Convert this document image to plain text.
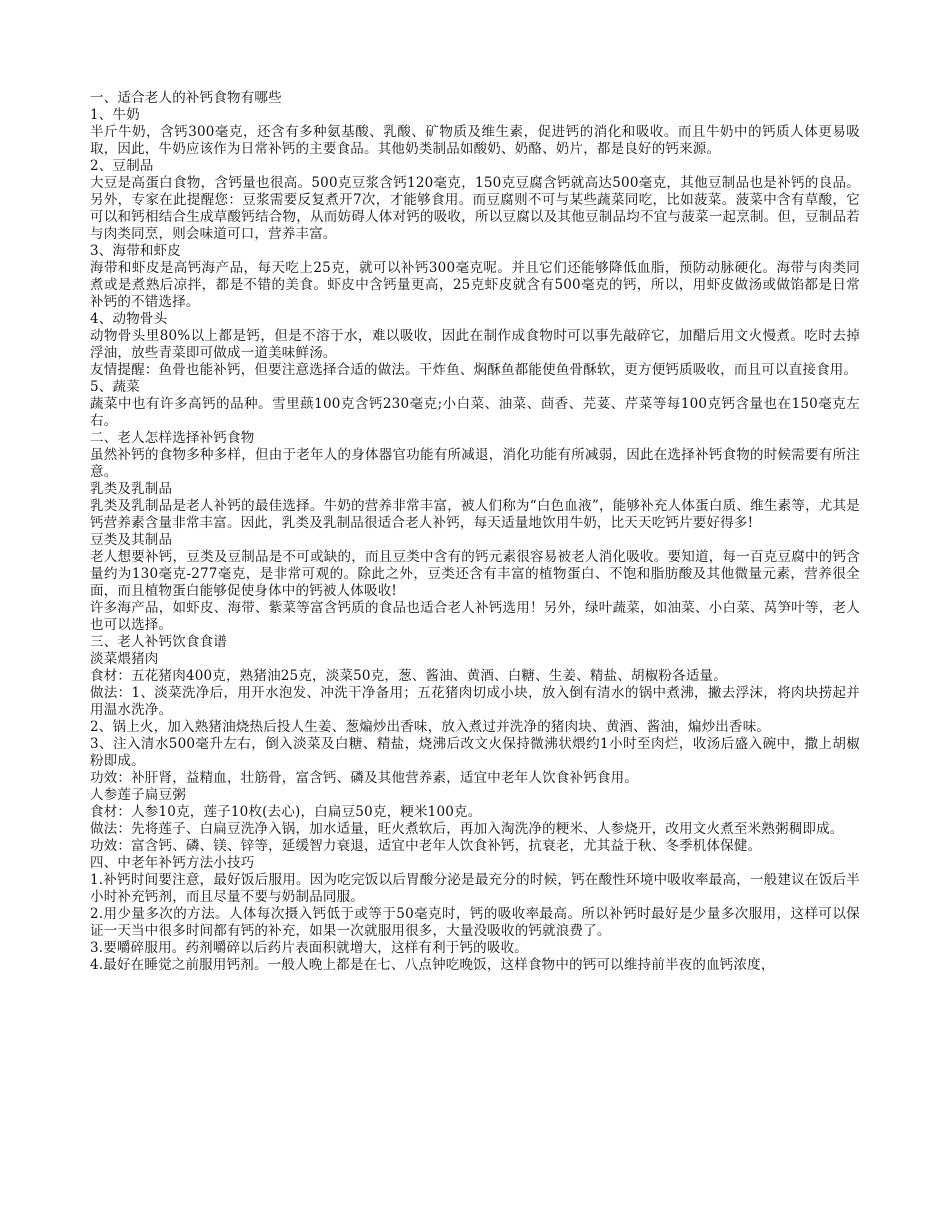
一、适合老人的补钙食物有哪些

1、牛奶

半斤牛奶，含钙300毫克，还含有多种氨基酸、乳酸、矿物质及维生素，促进钙的消化和吸收。而且牛奶中的钙质人体更易吸取，因此，牛奶应该作为日常补钙的主要食品。其他奶类制品如酸奶、奶酪、奶片，都是良好的钙来源。

2、豆制品

大豆是高蛋白食物，含钙量也很高。500克豆浆含钙120毫克，150克豆腐含钙就高达500毫克，其他豆制品也是补钙的良品。另外，专家在此提醒您：豆浆需要反复煮开7次，才能够食用。而豆腐则不可与某些蔬菜同吃，比如菠菜。菠菜中含有草酸，它可以和钙相结合生成草酸钙结合物，从而妨碍人体对钙的吸收，所以豆腐以及其他豆制品均不宜与菠菜一起烹制。但，豆制品若与肉类同烹，则会味道可口，营养丰富。

3、海带和虾皮

海带和虾皮是高钙海产品，每天吃上25克，就可以补钙300毫克呢。并且它们还能够降低血脂，预防动脉硬化。海带与肉类同煮或是煮熟后凉拌，都是不错的美食。虾皮中含钙量更高，25克虾皮就含有500毫克的钙，所以，用虾皮做汤或做馅都是日常补钙的不错选择。

4、动物骨头

动物骨头里80%以上都是钙，但是不溶于水，难以吸收，因此在制作成食物时可以事先敲碎它，加醋后用文火慢煮。吃时去掉浮油，放些青菜即可做成一道美味鲜汤。

友情提醒：鱼骨也能补钙，但要注意选择合适的做法。干炸鱼、焖酥鱼都能使鱼骨酥软，更方便钙质吸收，而且可以直接食用。

5、蔬菜

蔬菜中也有许多高钙的品种。雪里蕻100克含钙230毫克;小白菜、油菜、茴香、芫荽、芹菜等每100克钙含量也在150毫克左右。

二、老人怎样选择补钙食物

虽然补钙的食物多种多样，但由于老年人的身体器官功能有所减退，消化功能有所减弱，因此在选择补钙食物的时候需要有所注意。

乳类及乳制品

乳类及乳制品是老人补钙的最佳选择。牛奶的营养非常丰富，被人们称为“白色血液”，能够补充人体蛋白质、维生素等，尤其是钙营养素含量非常丰富。因此，乳类及乳制品很适合老人补钙，每天适量地饮用牛奶，比天天吃钙片要好得多!

豆类及其制品

老人想要补钙，豆类及豆制品是不可或缺的，而且豆类中含有的钙元素很容易被老人消化吸收。要知道，每一百克豆腐中的钙含量约为130毫克-277毫克，是非常可观的。除此之外，豆类还含有丰富的植物蛋白、不饱和脂肪酸及其他微量元素，营养很全面，而且植物蛋白能够促使身体中的钙被人体吸收!

许多海产品，如虾皮、海带、紫菜等富含钙质的食品也适合老人补钙选用！另外，绿叶蔬菜，如油菜、小白菜、莴笋叶等，老人也可以选择。

三、老人补钙饮食食谱

淡菜煨猪肉

食材：五花猪肉400克，熟猪油25克，淡菜50克，葱、酱油、黄酒、白糖、生姜、精盐、胡椒粉各适量。

做法：1、淡菜洗净后，用开水泡发、冲洗干净备用；五花猪肉切成小块，放入倒有清水的锅中煮沸，撇去浮沫，将肉块捞起并用温水洗净。

2、锅上火，加入熟猪油烧热后投人生姜、葱煸炒出香味，放入煮过并洗净的猪肉块、黄酒、酱油，煸炒出香味。

3、注入清水500毫升左右，倒入淡菜及白糖、精盐，烧沸后改文火保持微沸状煨约1小时至肉烂，收汤后盛入碗中，撒上胡椒粉即成。

功效：补肝肾，益精血，壮筋骨，富含钙、磷及其他营养素，适宜中老年人饮食补钙食用。

人参莲子扁豆粥

食材：人参10克，莲子10枚(去心)，白扁豆50克，粳米100克。

做法：先将莲子、白扁豆洗净入锅，加水适量，旺火煮软后，再加入淘洗净的粳米、人参烧开，改用文火煮至米熟粥稠即成。

功效：富含钙、磷、镁、锌等，延缓智力衰退，适宜中老年人饮食补钙，抗衰老，尤其益于秋、冬季机体保健。

四、中老年补钙方法小技巧

1.补钙时间要注意，最好饭后服用。因为吃完饭以后胃酸分泌是最充分的时候，钙在酸性环境中吸收率最高，一般建议在饭后半小时补充钙剂，而且尽量不要与奶制品同服。

2.用少量多次的方法。人体每次摄入钙低于或等于50毫克时，钙的吸收率最高。所以补钙时最好是少量多次服用，这样可以保证一天当中很多时间都有钙的补充，如果一次就服用很多，大量没吸收的钙就浪费了。

3.要嚼碎服用。药剂嚼碎以后药片表面积就增大，这样有利于钙的吸收。

4.最好在睡觉之前服用钙剂。一般人晚上都是在七、八点钟吃晚饭，这样食物中的钙可以维持前半夜的血钙浓度，
